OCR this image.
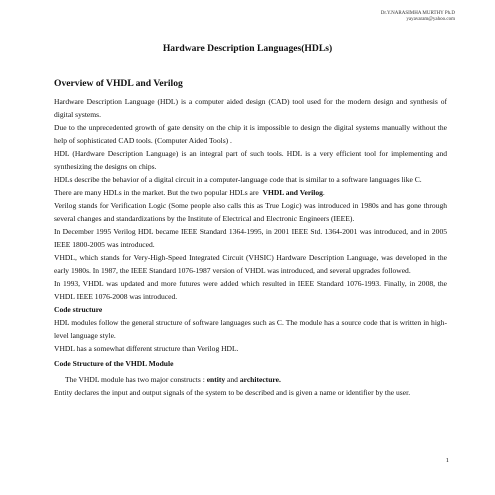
Dr.Y.NARASIMHA MURTHY Ph.D
yayavaram@yahoo.com
Hardware Description Languages(HDLs)

Overview of VHDL and Verilog

Hardware Description Language (HDL) is a computer aided design (CAD) tool used for the modern design and synthesis of digital systems.

Due to the unprecedented growth of gate density on the chip it is impossible to design the digital systems manually without the help of sophisticated CAD tools. (Computer Aided Tools) .

HDL (Hardware Description Language) is an integral part of such tools. HDL is a very efficient tool for implementing and synthesizing the designs on chips.

HDLs describe the behavior of a digital circuit in a computer-language code that is similar to a software languages like C.

There are many HDLs in the market. But the two popular HDLs are VHDL and Verilog.

Verilog stands for Verification Logic (Some people also calls this as True Logic) was introduced in 1980s and has gone through several changes and standardizations by the Institute of Electrical and Electronic Engineers (IEEE).

In December 1995 Verilog HDL became IEEE Standard 1364-1995, in 2001 IEEE Std. 1364-2001 was introduced, and in 2005 IEEE 1800-2005 was introduced.

VHDL, which stands for Very-High-Speed Integrated Circuit (VHSIC) Hardware Description Language, was developed in the early 1980s. In 1987, the IEEE Standard 1076-1987 version of VHDL was introduced, and several upgrades followed.

In 1993, VHDL was updated and more futures were added which resulted in IEEE Standard 1076-1993. Finally, in 2008, the VHDL IEEE 1076-2008 was introduced.

Code structure

HDL modules follow the general structure of software languages such as C. The module has a source code that is written in high-level language style.

VHDL has a somewhat different structure than Verilog HDL.

Code Structure of the VHDL Module

The VHDL module has two major constructs : entity and architecture.

Entity declares the input and output signals of the system to be described and is given a name or identifier by the user.

1
